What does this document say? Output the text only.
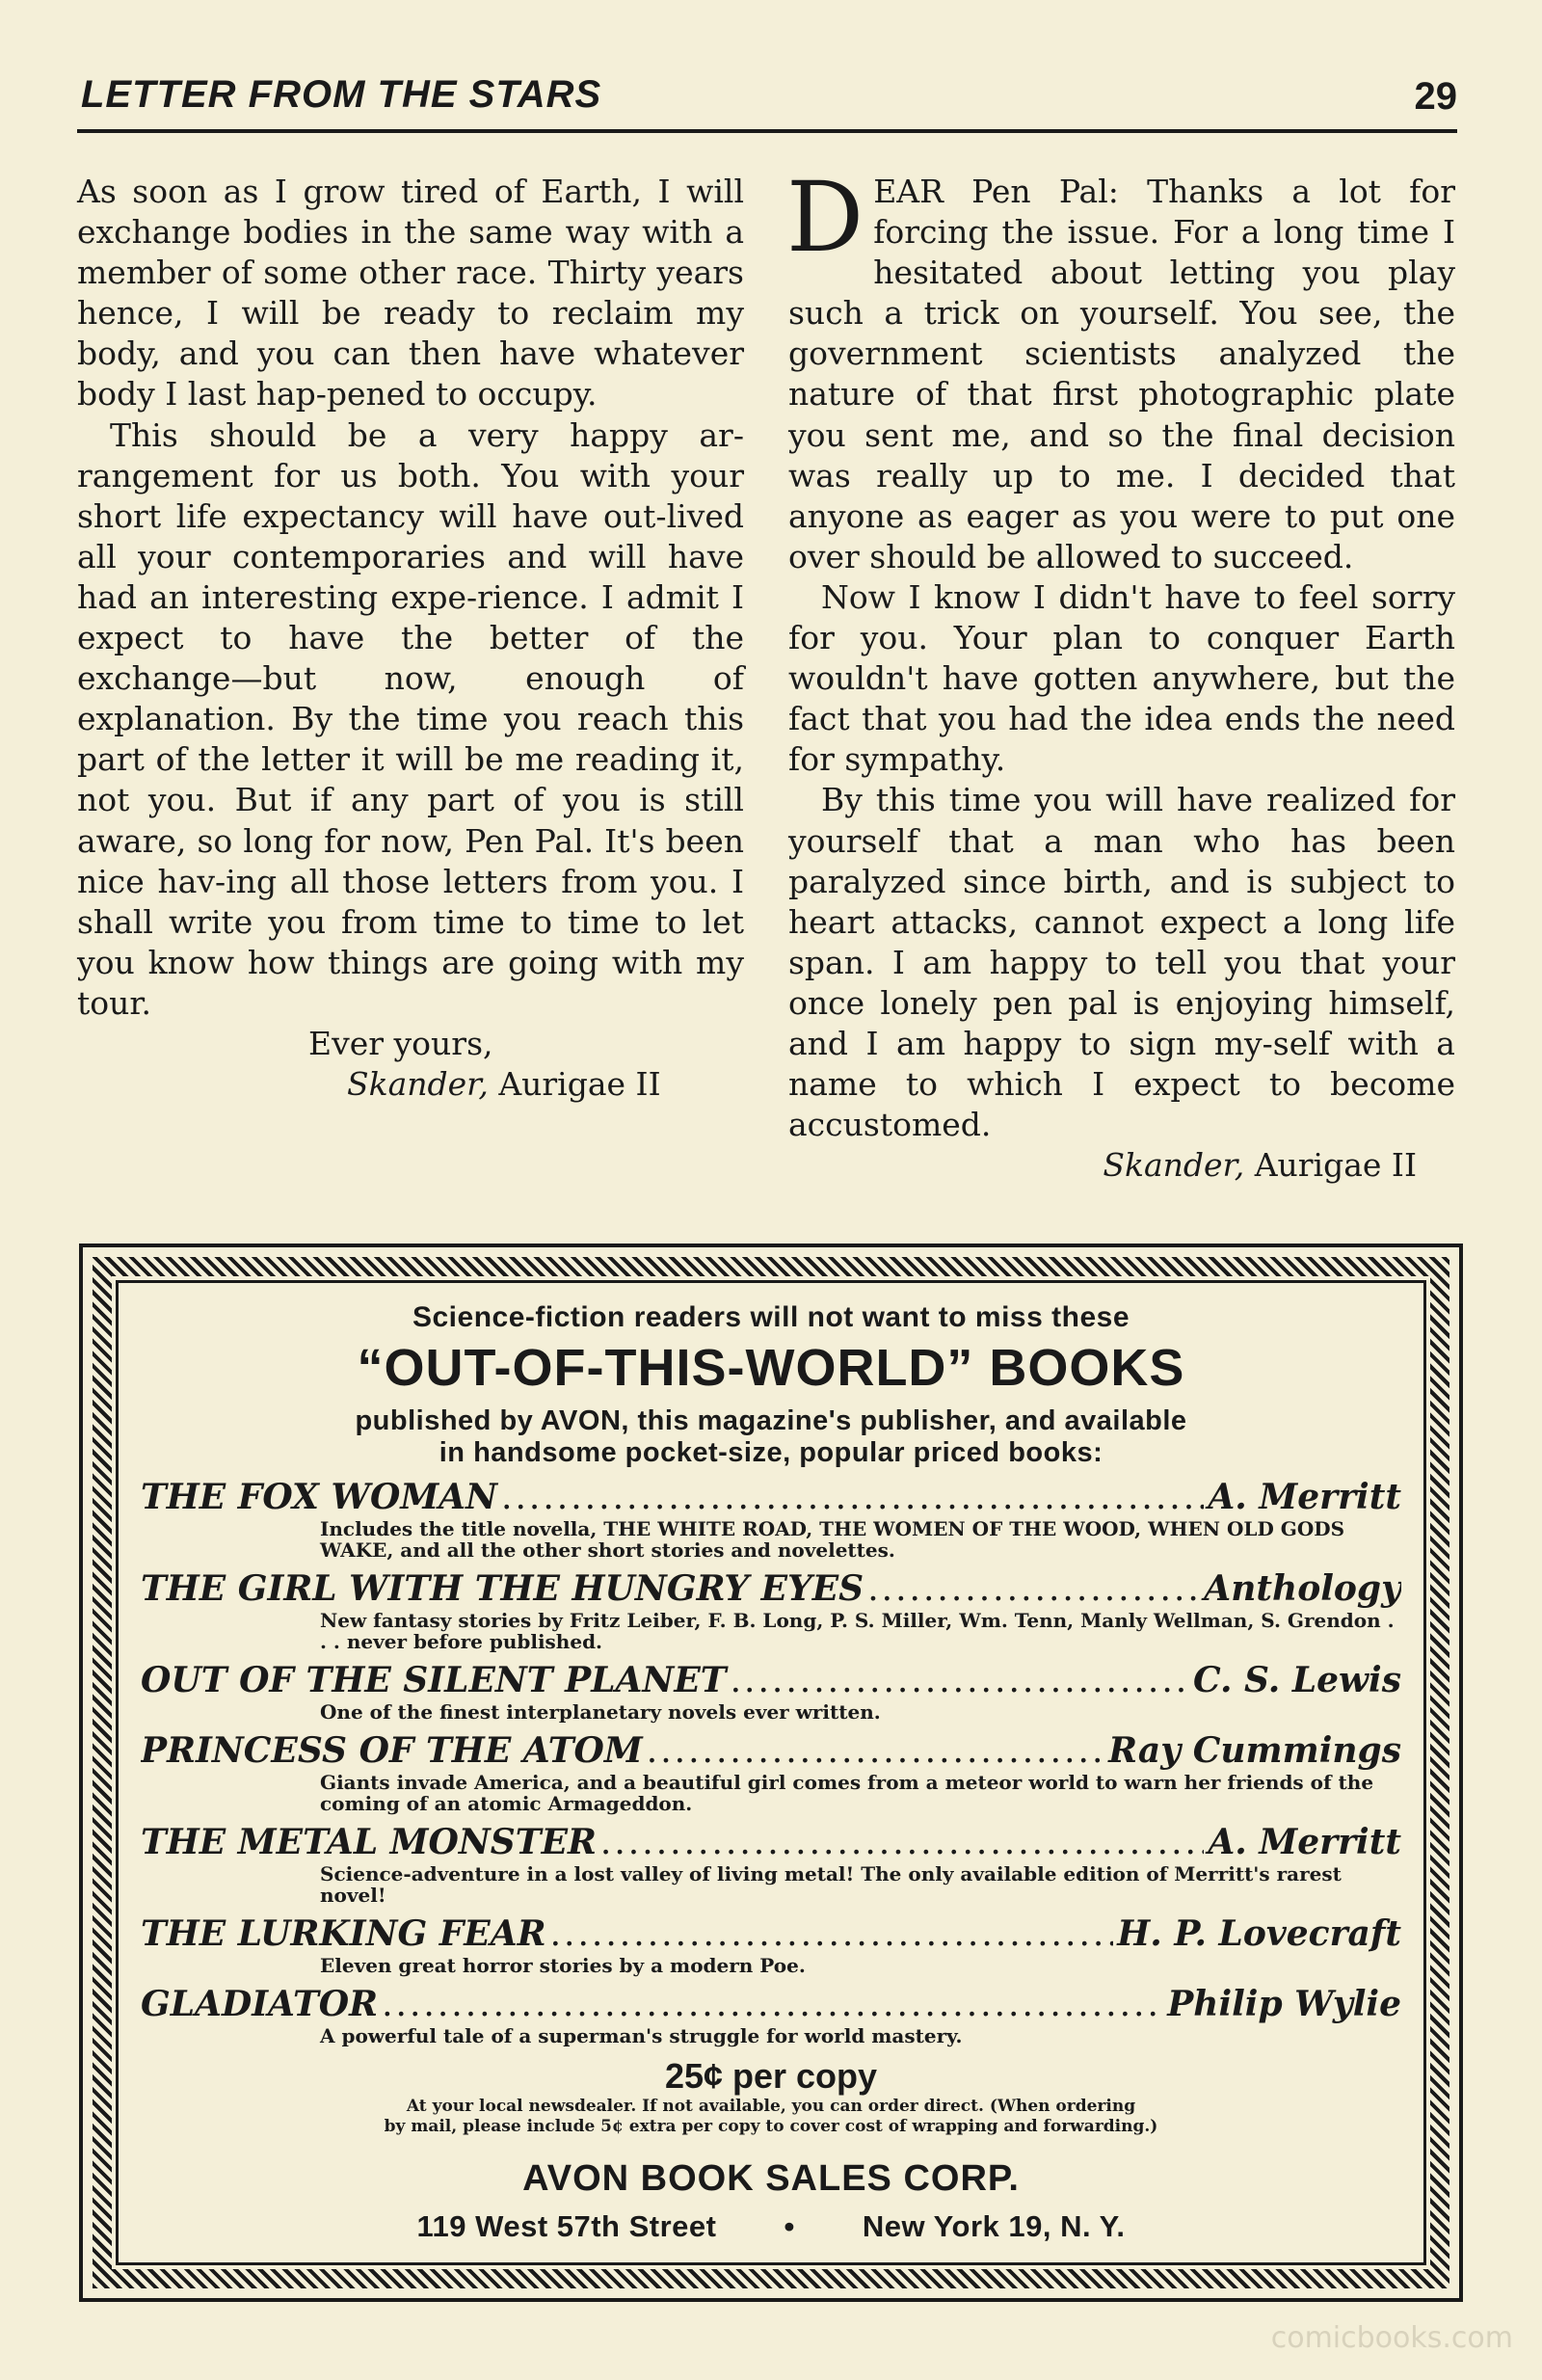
LETTER FROM THE STARS	29

As soon as I grow tired of Earth, I will exchange bodies in the same way with a member of some other race. Thirty years hence, I will be ready to reclaim my body, and you can then have whatever body I last hap-pened to occupy.

This should be a very happy ar-rangement for us both. You with your short life expectancy will have out-lived all your contemporaries and will have had an interesting expe-rience. I admit I expect to have the better of the exchange—but now, enough of explanation. By the time you reach this part of the letter it will be me reading it, not you. But if any part of you is still aware, so long for now, Pen Pal. It's been nice hav-ing all those letters from you. I shall write you from time to time to let you know how things are going with my tour.

Ever yours,

Skander, Aurigae II

DEAR Pen Pal: Thanks a lot for forcing the issue. For a long time I hesitated about letting you play such a trick on yourself. You see, the government scientists analyzed the nature of that first photographic plate you sent me, and so the final decision was really up to me. I decided that anyone as eager as you were to put one over should be allowed to succeed.

Now I know I didn't have to feel sorry for you. Your plan to conquer Earth wouldn't have gotten anywhere, but the fact that you had the idea ends the need for sympathy.

By this time you will have realized for yourself that a man who has been paralyzed since birth, and is subject to heart attacks, cannot expect a long life span. I am happy to tell you that your once lonely pen pal is enjoying himself, and I am happy to sign my-self with a name to which I expect to become accustomed.

Skander, Aurigae II

Science-fiction readers will not want to miss these
“OUT-OF-THIS-WORLD” BOOKS
published by AVON, this magazine's publisher, and available
in handsome pocket-size, popular priced books:
THE FOX WOMAN .....	A. Merritt
Includes the title novella, THE WHITE ROAD, THE WOMEN OF THE WOOD, WHEN OLD GODS WAKE, and all the other short stories and novelettes.
THE GIRL WITH THE HUNGRY EYES .....	Anthology
New fantasy stories by Fritz Leiber, F. B. Long, P. S. Miller, Wm. Tenn, Manly Wellman, S. Grendon . . . never before published.
OUT OF THE SILENT PLANET .....	C. S. Lewis
One of the finest interplanetary novels ever written.
PRINCESS OF THE ATOM .....	Ray Cummings
Giants invade America, and a beautiful girl comes from a meteor world to warn her friends of the coming of an atomic Armageddon.
THE METAL MONSTER .....	A. Merritt
Science-adventure in a lost valley of living metal! The only available edition of Merritt's rarest novel!
THE LURKING FEAR .....	H. P. Lovecraft
Eleven great horror stories by a modern Poe.
GLADIATOR .....	Philip Wylie
A powerful tale of a superman's struggle for world mastery.
25¢ per copy
At your local newsdealer. If not available, you can order direct. (When ordering
by mail, please include 5¢ extra per copy to cover cost of wrapping and forwarding.)
AVON BOOK SALES CORP.
119 West 57th Street • New York 19, N. Y.
comicbooks.com
